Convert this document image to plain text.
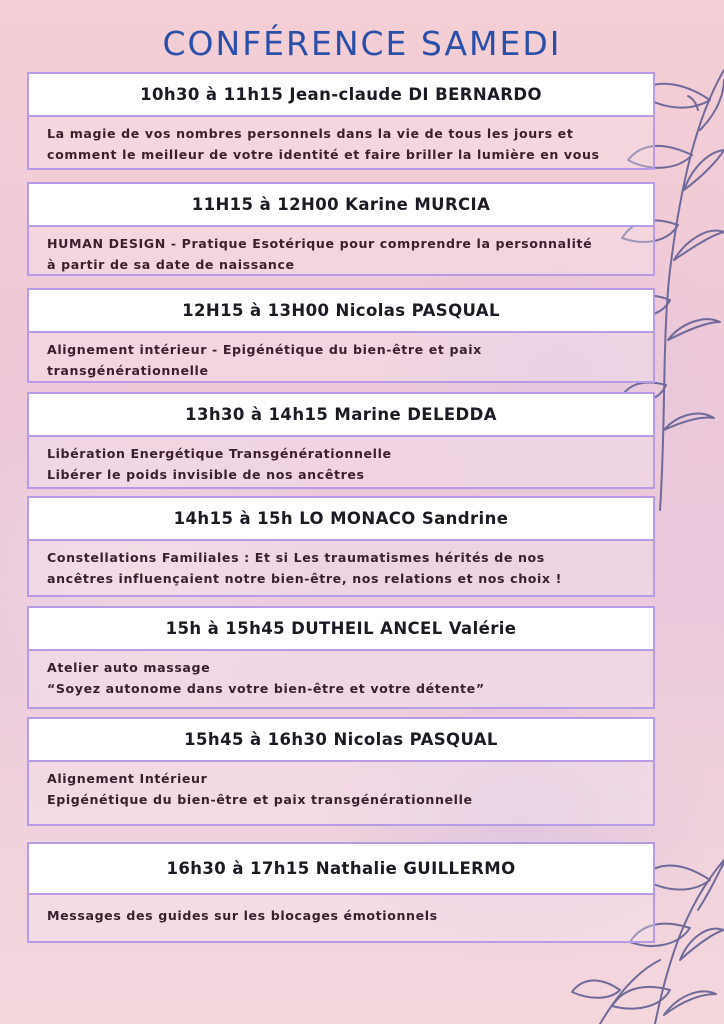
CONFÉRENCE SAMEDI
10h30 à 11h15 Jean-claude DI BERNARDO
La magie de vos nombres personnels dans la vie de tous les jours et
comment le meilleur de votre identité et faire briller la lumière en vous
11H15 à 12H00 Karine MURCIA
HUMAN DESIGN - Pratique Esotérique pour comprendre la personnalité
à partir de sa date de naissance
12H15 à 13H00 Nicolas PASQUAL
Alignement intérieur - Epigénétique du bien-être et paix
transgénérationnelle
13h30 à 14h15 Marine DELEDDA
Libération Energétique Transgénérationnelle
Libérer le poids invisible de nos ancêtres
14h15 à 15h LO MONACO Sandrine
Constellations Familiales : Et si Les traumatismes hérités de nos
ancêtres influençaient notre bien-être, nos relations et nos choix !
15h à 15h45 DUTHEIL ANCEL Valérie
Atelier auto massage
“Soyez autonome dans votre bien-être et votre détente”
15h45 à 16h30 Nicolas PASQUAL
Alignement Intérieur
Epigénétique du bien-être et paix transgénérationnelle
16h30 à 17h15 Nathalie GUILLERMO
Messages des guides sur les blocages émotionnels
